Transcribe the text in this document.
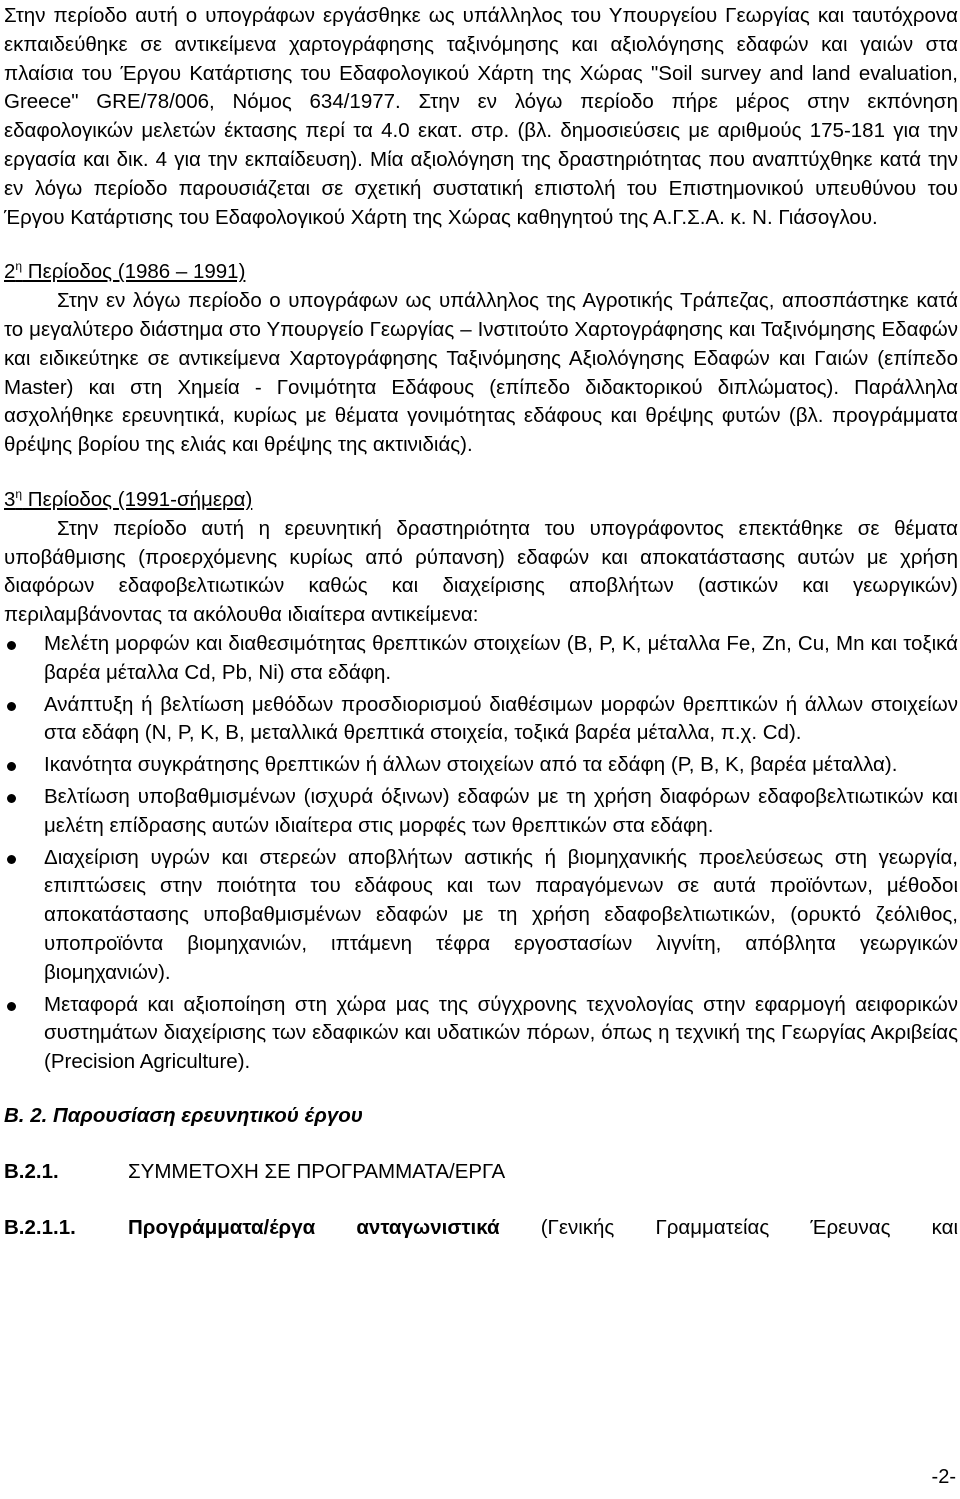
Στην περίοδο αυτή ο υπογράφων εργάσθηκε ως υπάλληλος του Υπουργείου Γεωργίας και ταυτόχρονα εκπαιδεύθηκε σε αντικείμενα χαρτογράφησης ταξινόμησης και αξιολόγησης εδαφών και γαιών στα πλαίσια του Έργου Κατάρτισης του Εδαφολογικού Χάρτη της Χώρας "Soil survey and land evaluation, Greece" GRE/78/006, Νόμος 634/1977. Στην εν λόγω περίοδο πήρε μέρος στην εκπόνηση εδαφολογικών μελετών έκτασης περί τα 4.0 εκατ. στρ. (βλ. δημοσιεύσεις με αριθμούς 175-181 για την εργασία και δικ. 4 για την εκπαίδευση). Μία αξιολόγηση της δραστηριότητας που αναπτύχθηκε κατά την εν λόγω περίοδο παρουσιάζεται σε σχετική συστατική επιστολή του Επιστημονικού υπευθύνου του Έργου Κατάρτισης του Εδαφολογικού Χάρτη της Χώρας καθηγητού της Α.Γ.Σ.Α. κ. Ν. Γιάσογλου.

$2^\eta$ Περίοδος (1986 – 1991)

Στην εν λόγω περίοδο ο υπογράφων ως υπάλληλος της Αγροτικής Τράπεζας, αποσπάστηκε κατά το μεγαλύτερο διάστημα στο Υπουργείο Γεωργίας – Ινστιτούτο Χαρτογράφησης και Ταξινόμησης Εδαφών και ειδικεύτηκε σε αντικείμενα Χαρτογράφησης Ταξινόμησης Αξιολόγησης Εδαφών και Γαιών (επίπεδο Master) και στη Χημεία - Γονιμότητα Εδάφους (επίπεδο διδακτορικού διπλώματος). Παράλληλα ασχολήθηκε ερευνητικά, κυρίως με θέματα γονιμότητας εδάφους και θρέψης φυτών (βλ. προγράμματα θρέψης βορίου της ελιάς και θρέψης της ακτινιδιάς).

$3^\eta$ Περίοδος (1991-σήμερα)

Στην περίοδο αυτή η ερευνητική δραστηριότητα του υπογράφοντος επεκτάθηκε σε θέματα υποβάθμισης (προερχόμενης κυρίως από ρύπανση) εδαφών και αποκατάστασης αυτών με χρήση διαφόρων εδαφοβελτιωτικών καθώς και διαχείρισης αποβλήτων (αστικών και γεωργικών) περιλαμβάνοντας τα ακόλουθα ιδιαίτερα αντικείμενα:

Μελέτη μορφών και διαθεσιμότητας θρεπτικών στοιχείων (B, P, K, μέταλλα Fe, Zn, Cu, Mn και τοξικά βαρέα μέταλλα Cd, Pb, Ni) στα εδάφη.
Ανάπτυξη ή βελτίωση μεθόδων προσδιορισμού διαθέσιμων μορφών θρεπτικών ή άλλων στοιχείων στα εδάφη (N, P, K, B, μεταλλικά θρεπτικά στοιχεία, τοξικά βαρέα μέταλλα, π.χ. Cd).
Ικανότητα συγκράτησης θρεπτικών ή άλλων στοιχείων από τα εδάφη (P, B, K, βαρέα μέταλλα).
Βελτίωση υποβαθμισμένων (ισχυρά όξινων) εδαφών με τη χρήση διαφόρων εδαφοβελτιωτικών και μελέτη επίδρασης αυτών ιδιαίτερα στις μορφές των θρεπτικών στα εδάφη.
Διαχείριση υγρών και στερεών αποβλήτων αστικής ή βιομηχανικής προελεύσεως στη γεωργία, επιπτώσεις στην ποιότητα του εδάφους και των παραγόμενων σε αυτά προϊόντων, μέθοδοι αποκατάστασης υποβαθμισμένων εδαφών με τη χρήση εδαφοβελτιωτικών, (ορυκτό ζεόλιθος, υποπροϊόντα βιομηχανιών, ιπτάμενη τέφρα εργοστασίων λιγνίτη, απόβλητα γεωργικών βιομηχανιών).
Μεταφορά και αξιοποίηση στη χώρα μας της σύγχρονης τεχνολογίας στην εφαρμογή αειφορικών συστημάτων διαχείρισης των εδαφικών και υδατικών πόρων, όπως η τεχνική της Γεωργίας Ακριβείας (Precision Agriculture).
Β. 2. Παρουσίαση ερευνητικού έργου
Β.2.1.	ΣΥΜΜΕΤΟΧΗ ΣΕ ΠΡΟΓΡΑΜΜΑΤΑ/ΕΡΓΑ
Β.2.1.1.	Προγράμματα/έργα ανταγωνιστικά (Γενικής Γραμματείας Έρευνας και
-2-
